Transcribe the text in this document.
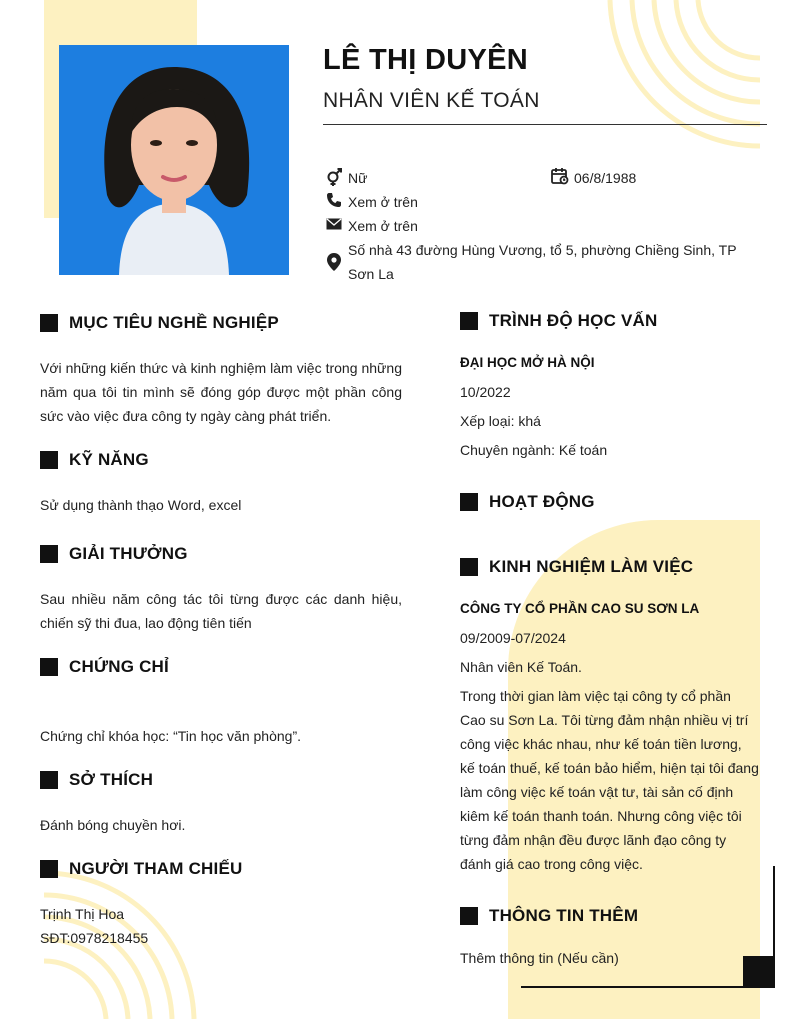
LÊ THỊ DUYÊN
NHÂN VIÊN KẾ TOÁN
Nữ	06/8/1988
Xem ở trên
Xem ở trên
Số nhà 43 đường Hùng Vương, tổ 5, phường Chiềng Sinh, TP Sơn La
MỤC TIÊU NGHỀ NGHIỆP
Với những kiến thức và kinh nghiệm làm việc trong những năm qua tôi tin mình sẽ đóng góp được một phần công sức vào việc đưa công ty ngày càng phát triển.
KỸ NĂNG
Sử dụng thành thạo Word, excel
GIẢI THƯỞNG
Sau nhiều năm công tác tôi từng được các danh hiệu, chiến sỹ thi đua, lao động tiên tiến
CHỨNG CHỈ
Chứng chỉ khóa học: “Tin học văn phòng”.
SỞ THÍCH
Đánh bóng chuyền hơi.
NGƯỜI THAM CHIẾU
Trịnh Thị Hoa
SĐT:0978218455
TRÌNH ĐỘ HỌC VẤN
ĐẠI HỌC MỞ HÀ NỘI
10/2022
Xếp loại: khá
Chuyên ngành: Kế toán
HOẠT ĐỘNG
KINH NGHIỆM LÀM VIỆC
CÔNG TY CỔ PHẦN CAO SU SƠN LA
09/2009-07/2024
Nhân viên Kế Toán.
Trong thời gian làm việc tại công ty cổ phần Cao su Sơn La. Tôi từng đảm nhận nhiều vị trí công việc khác nhau, như kế toán tiền lương, kế toán thuế, kế toán bảo hiểm, hiện tại tôi đang làm công việc kế toán vật tư, tài sản cố định kiêm kế toán thanh toán. Nhưng công việc tôi từng đảm nhận đều được lãnh đạo công ty đánh giá cao trong công việc.
THÔNG TIN THÊM
Thêm thông tin (Nếu cần)
